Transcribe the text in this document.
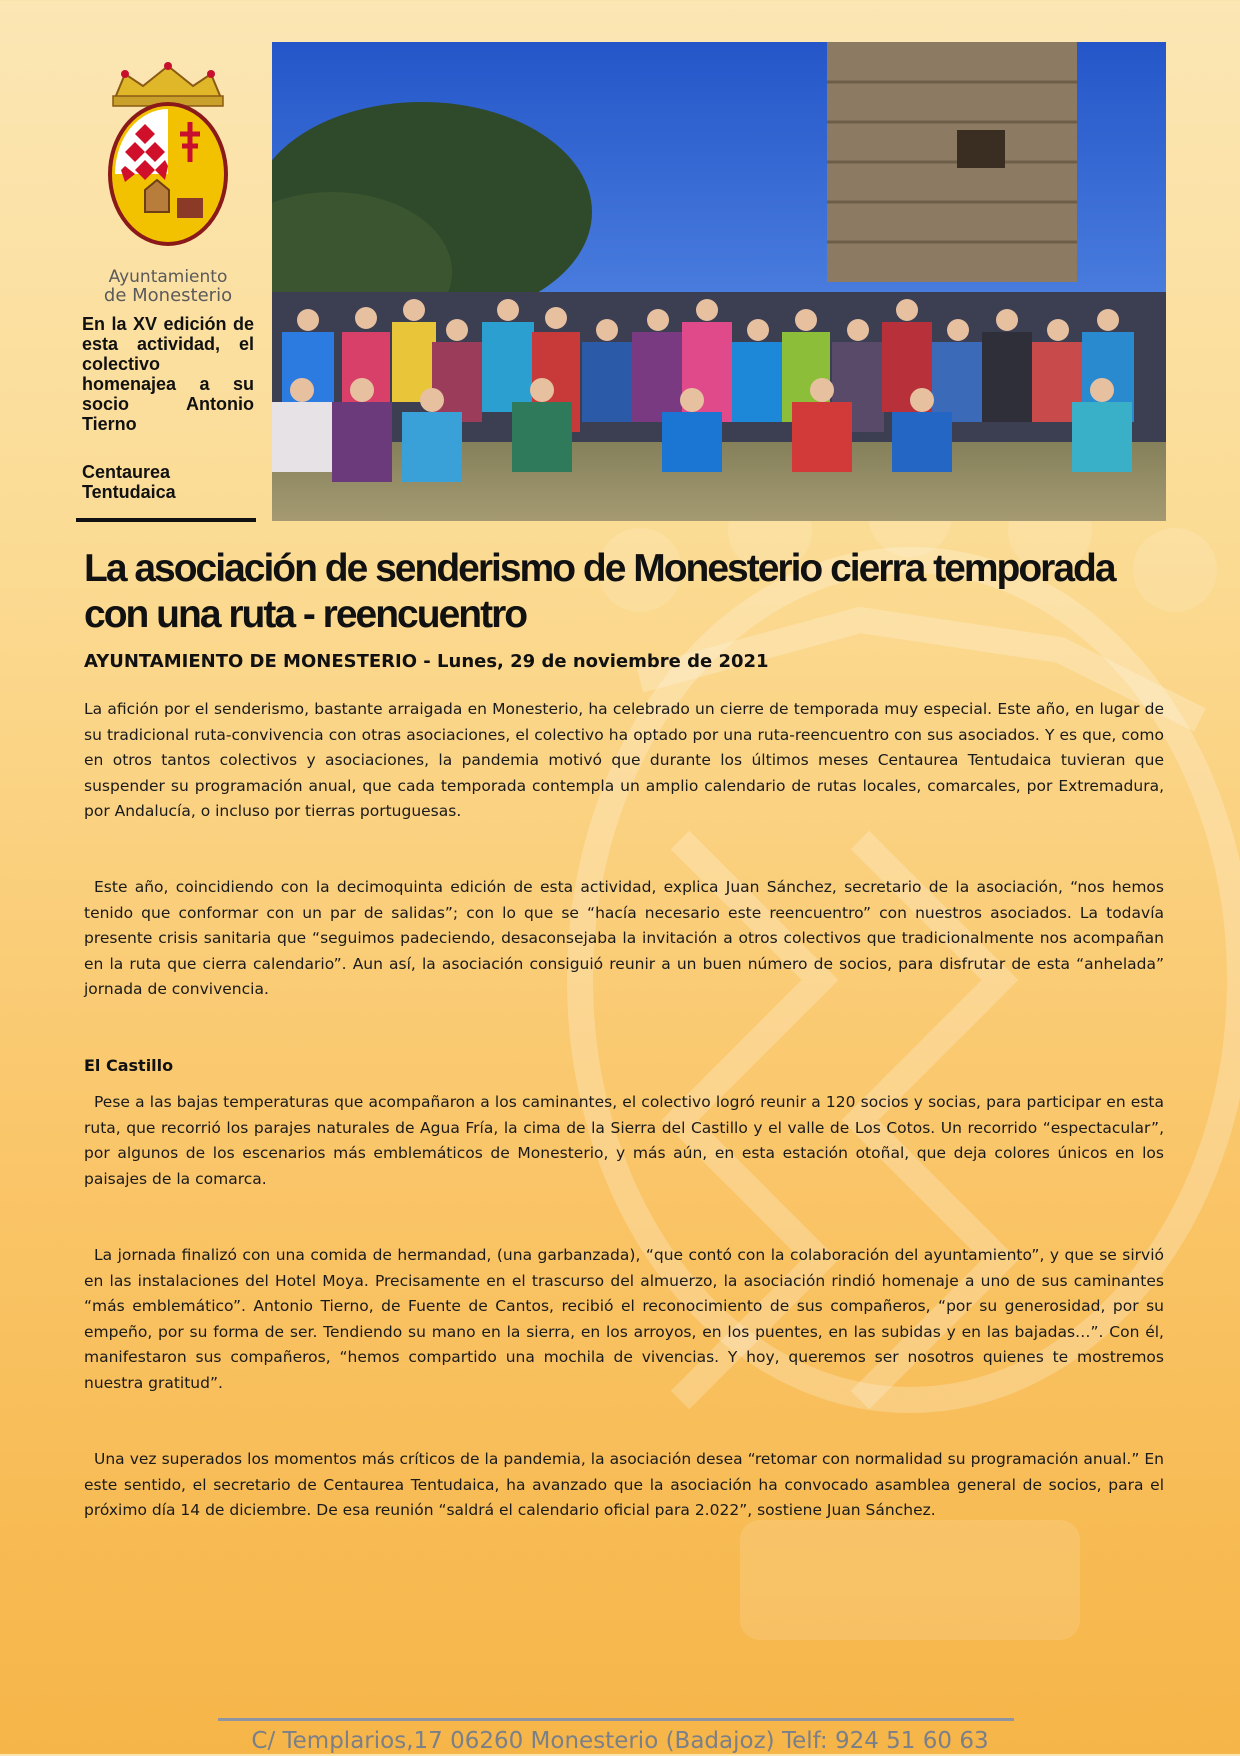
Ayuntamiento
de Monesterio
En la XV edición de esta actividad, el colectivo homenajea a su socio Antonio Tierno
Centaurea Tentudaica
La asociación de senderismo de Monesterio cierra temporada con una ruta - reencuentro

AYUNTAMIENTO DE MONESTERIO - Lunes, 29 de noviembre de 2021

La afición por el senderismo, bastante arraigada en Monesterio, ha celebrado un cierre de temporada muy especial. Este año, en lugar de su tradicional ruta-convivencia con otras asociaciones, el colectivo ha optado por una ruta-reencuentro con sus asociados. Y es que, como en otros tantos colectivos y asociaciones, la pandemia motivó que durante los últimos meses Centaurea Tentudaica tuvieran que suspender su programación anual, que cada temporada contempla un amplio calendario de rutas locales, comarcales, por Extremadura, por Andalucía, o incluso por tierras portuguesas.

Este año, coincidiendo con la decimoquinta edición de esta actividad, explica Juan Sánchez, secretario de la asociación, “nos hemos tenido que conformar con un par de salidas”; con lo que se “hacía necesario este reencuentro” con nuestros asociados. La todavía presente crisis sanitaria que “seguimos padeciendo, desaconsejaba la invitación a otros colectivos que tradicionalmente nos acompañan en la ruta que cierra calendario”. Aun así, la asociación consiguió reunir a un buen número de socios, para disfrutar de esta “anhelada” jornada de convivencia.

El Castillo

Pese a las bajas temperaturas que acompañaron a los caminantes, el colectivo logró reunir a 120 socios y socias, para participar en esta ruta, que recorrió los parajes naturales de Agua Fría, la cima de la Sierra del Castillo y el valle de Los Cotos. Un recorrido “espectacular”, por algunos de los escenarios más emblemáticos de Monesterio, y más aún, en esta estación otoñal, que deja colores únicos en los paisajes de la comarca.

La jornada finalizó con una comida de hermandad, (una garbanzada), “que contó con la colaboración del ayuntamiento”, y que se sirvió en las instalaciones del Hotel Moya. Precisamente en el trascurso del almuerzo, la asociación rindió homenaje a uno de sus caminantes “más emblemático”. Antonio Tierno, de Fuente de Cantos, recibió el reconocimiento de sus compañeros, “por su generosidad, por su empeño, por su forma de ser. Tendiendo su mano en la sierra, en los arroyos, en los puentes, en las subidas y en las bajadas…”. Con él, manifestaron sus compañeros, “hemos compartido una mochila de vivencias. Y hoy, queremos ser nosotros quienes te mostremos nuestra gratitud”.

Una vez superados los momentos más críticos de la pandemia, la asociación desea “retomar con normalidad su programación anual.” En este sentido, el secretario de Centaurea Tentudaica, ha avanzado que la asociación ha convocado asamblea general de socios, para el próximo día 14 de diciembre. De esa reunión “saldrá el calendario oficial para 2.022”, sostiene Juan Sánchez.

C/ Templarios,17 06260 Monesterio (Badajoz) Telf: 924 51 60 63
